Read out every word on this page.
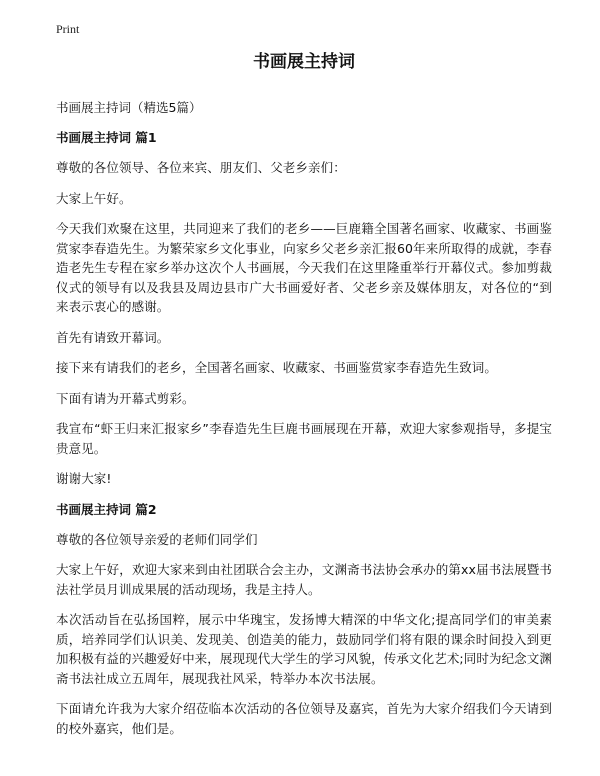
Print
书画展主持词

书画展主持词（精选5篇）

书画展主持词 篇1

尊敬的各位领导、各位来宾、朋友们、父老乡亲们：

大家上午好。

今天我们欢聚在这里，共同迎来了我们的老乡——巨鹿籍全国著名画家、收藏家、书画鉴赏家李春造先生。为繁荣家乡文化事业，向家乡父老乡亲汇报60年来所取得的成就，李春造老先生专程在家乡举办这次个人书画展，今天我们在这里隆重举行开幕仪式。参加剪裁仪式的领导有以及我县及周边县市广大书画爱好者、父老乡亲及媒体朋友，对各位的“到来表示衷心的感谢。

首先有请致开幕词。

接下来有请我们的老乡，全国著名画家、收藏家、书画鉴赏家李春造先生致词。

下面有请为开幕式剪彩。

我宣布“虾王归来汇报家乡”李春造先生巨鹿书画展现在开幕，欢迎大家参观指导，多提宝贵意见。

谢谢大家!

书画展主持词 篇2

尊敬的各位领导亲爱的老师们同学们

大家上午好，欢迎大家来到由社团联合会主办，文渊斋书法协会承办的第xx届书法展暨书法社学员月训成果展的活动现场，我是主持人。

本次活动旨在弘扬国粹，展示中华瑰宝，发扬博大精深的中华文化;提高同学们的审美素质，培养同学们认识美、发现美、创造美的能力，鼓励同学们将有限的课余时间投入到更加积极有益的兴趣爱好中来，展现现代大学生的学习风貌，传承文化艺术;同时为纪念文渊斋书法社成立五周年，展现我社风采，特举办本次书法展。

下面请允许我为大家介绍莅临本次活动的各位领导及嘉宾，首先为大家介绍我们今天请到的校外嘉宾，他们是。
